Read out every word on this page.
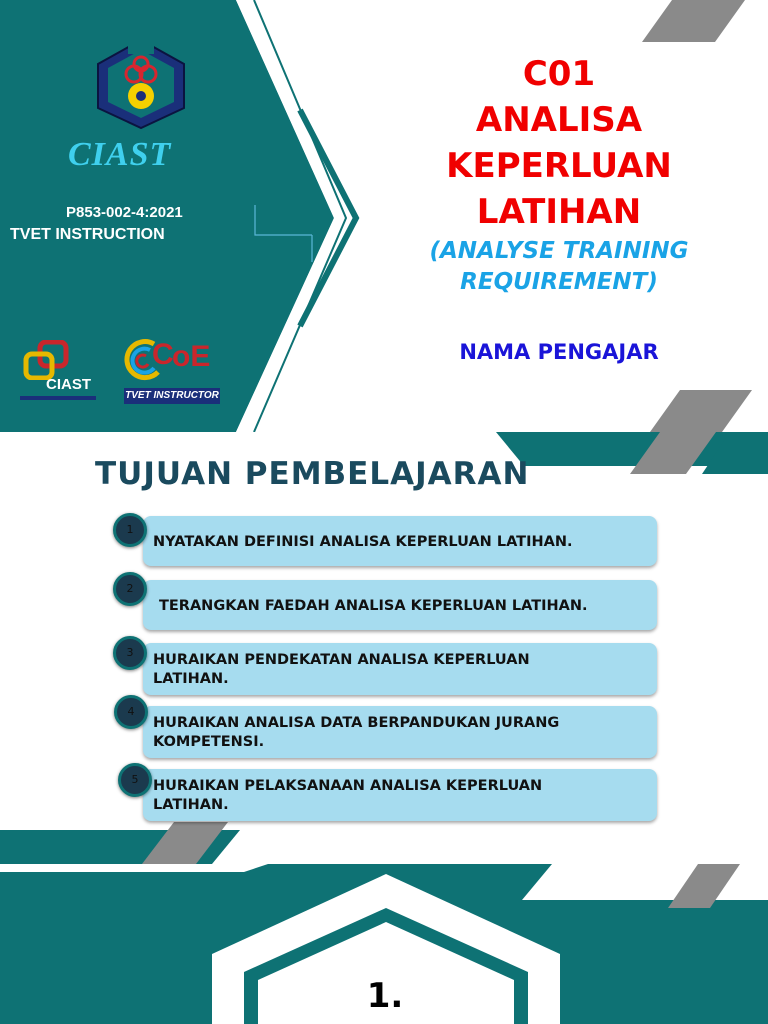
CIAST
P853-002-4:2021
TVET INSTRUCTION
CIAST
C
oE
TVET INSTRUCTOR
C01
ANALISA
KEPERLUAN
LATIHAN
(ANALYSE TRAINING
REQUIREMENT)
NAMA PENGAJAR
TUJUAN PEMBELAJARAN
NYATAKAN DEFINISI ANALISA KEPERLUAN LATIHAN.
1
TERANGKAN FAEDAH ANALISA KEPERLUAN LATIHAN.
2
HURAIKAN PENDEKATAN ANALISA KEPERLUAN
LATIHAN.
3
HURAIKAN ANALISA DATA BERPANDUKAN JURANG
KOMPETENSI.
4
HURAIKAN PELAKSANAAN ANALISA KEPERLUAN
LATIHAN.
5
1.
